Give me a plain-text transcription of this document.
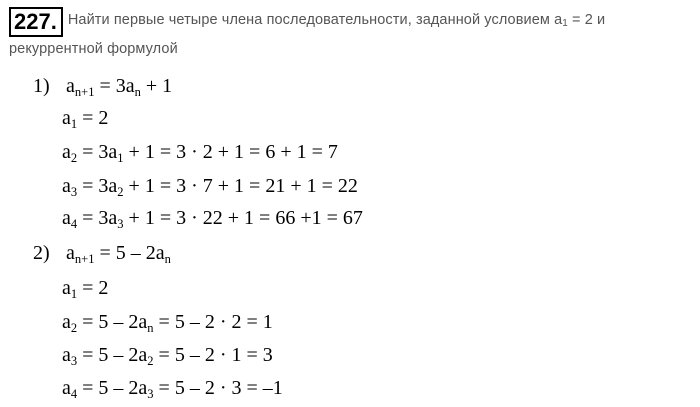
227. Найти первые четыре члена последовательности, заданной условием $a_1 = 2$ и
рекуррентной формулой
1) $a_{n+1} = 3a_n + 1$
$a_1 = 2$
$a_2 = 3a_1 + 1 = 3 \cdot 2 + 1 = 6 + 1 = 7$
$a_3 = 3a_2 + 1 = 3 \cdot 7 + 1 = 21 + 1 = 22$
$a_4 = 3a_3 + 1 = 3 \cdot 22 + 1 = 66 +1 = 67$
2) $a_{n+1} = 5 - 2a_n$
$a_1 = 2$
$a_2 = 5 - 2a_n = 5 - 2 \cdot 2 = 1$
$a_3 = 5 - 2a_2 = 5 - 2 \cdot 1 = 3$
$a_4 = 5 - 2a_3 = 5 - 2 \cdot 3 = -1$
